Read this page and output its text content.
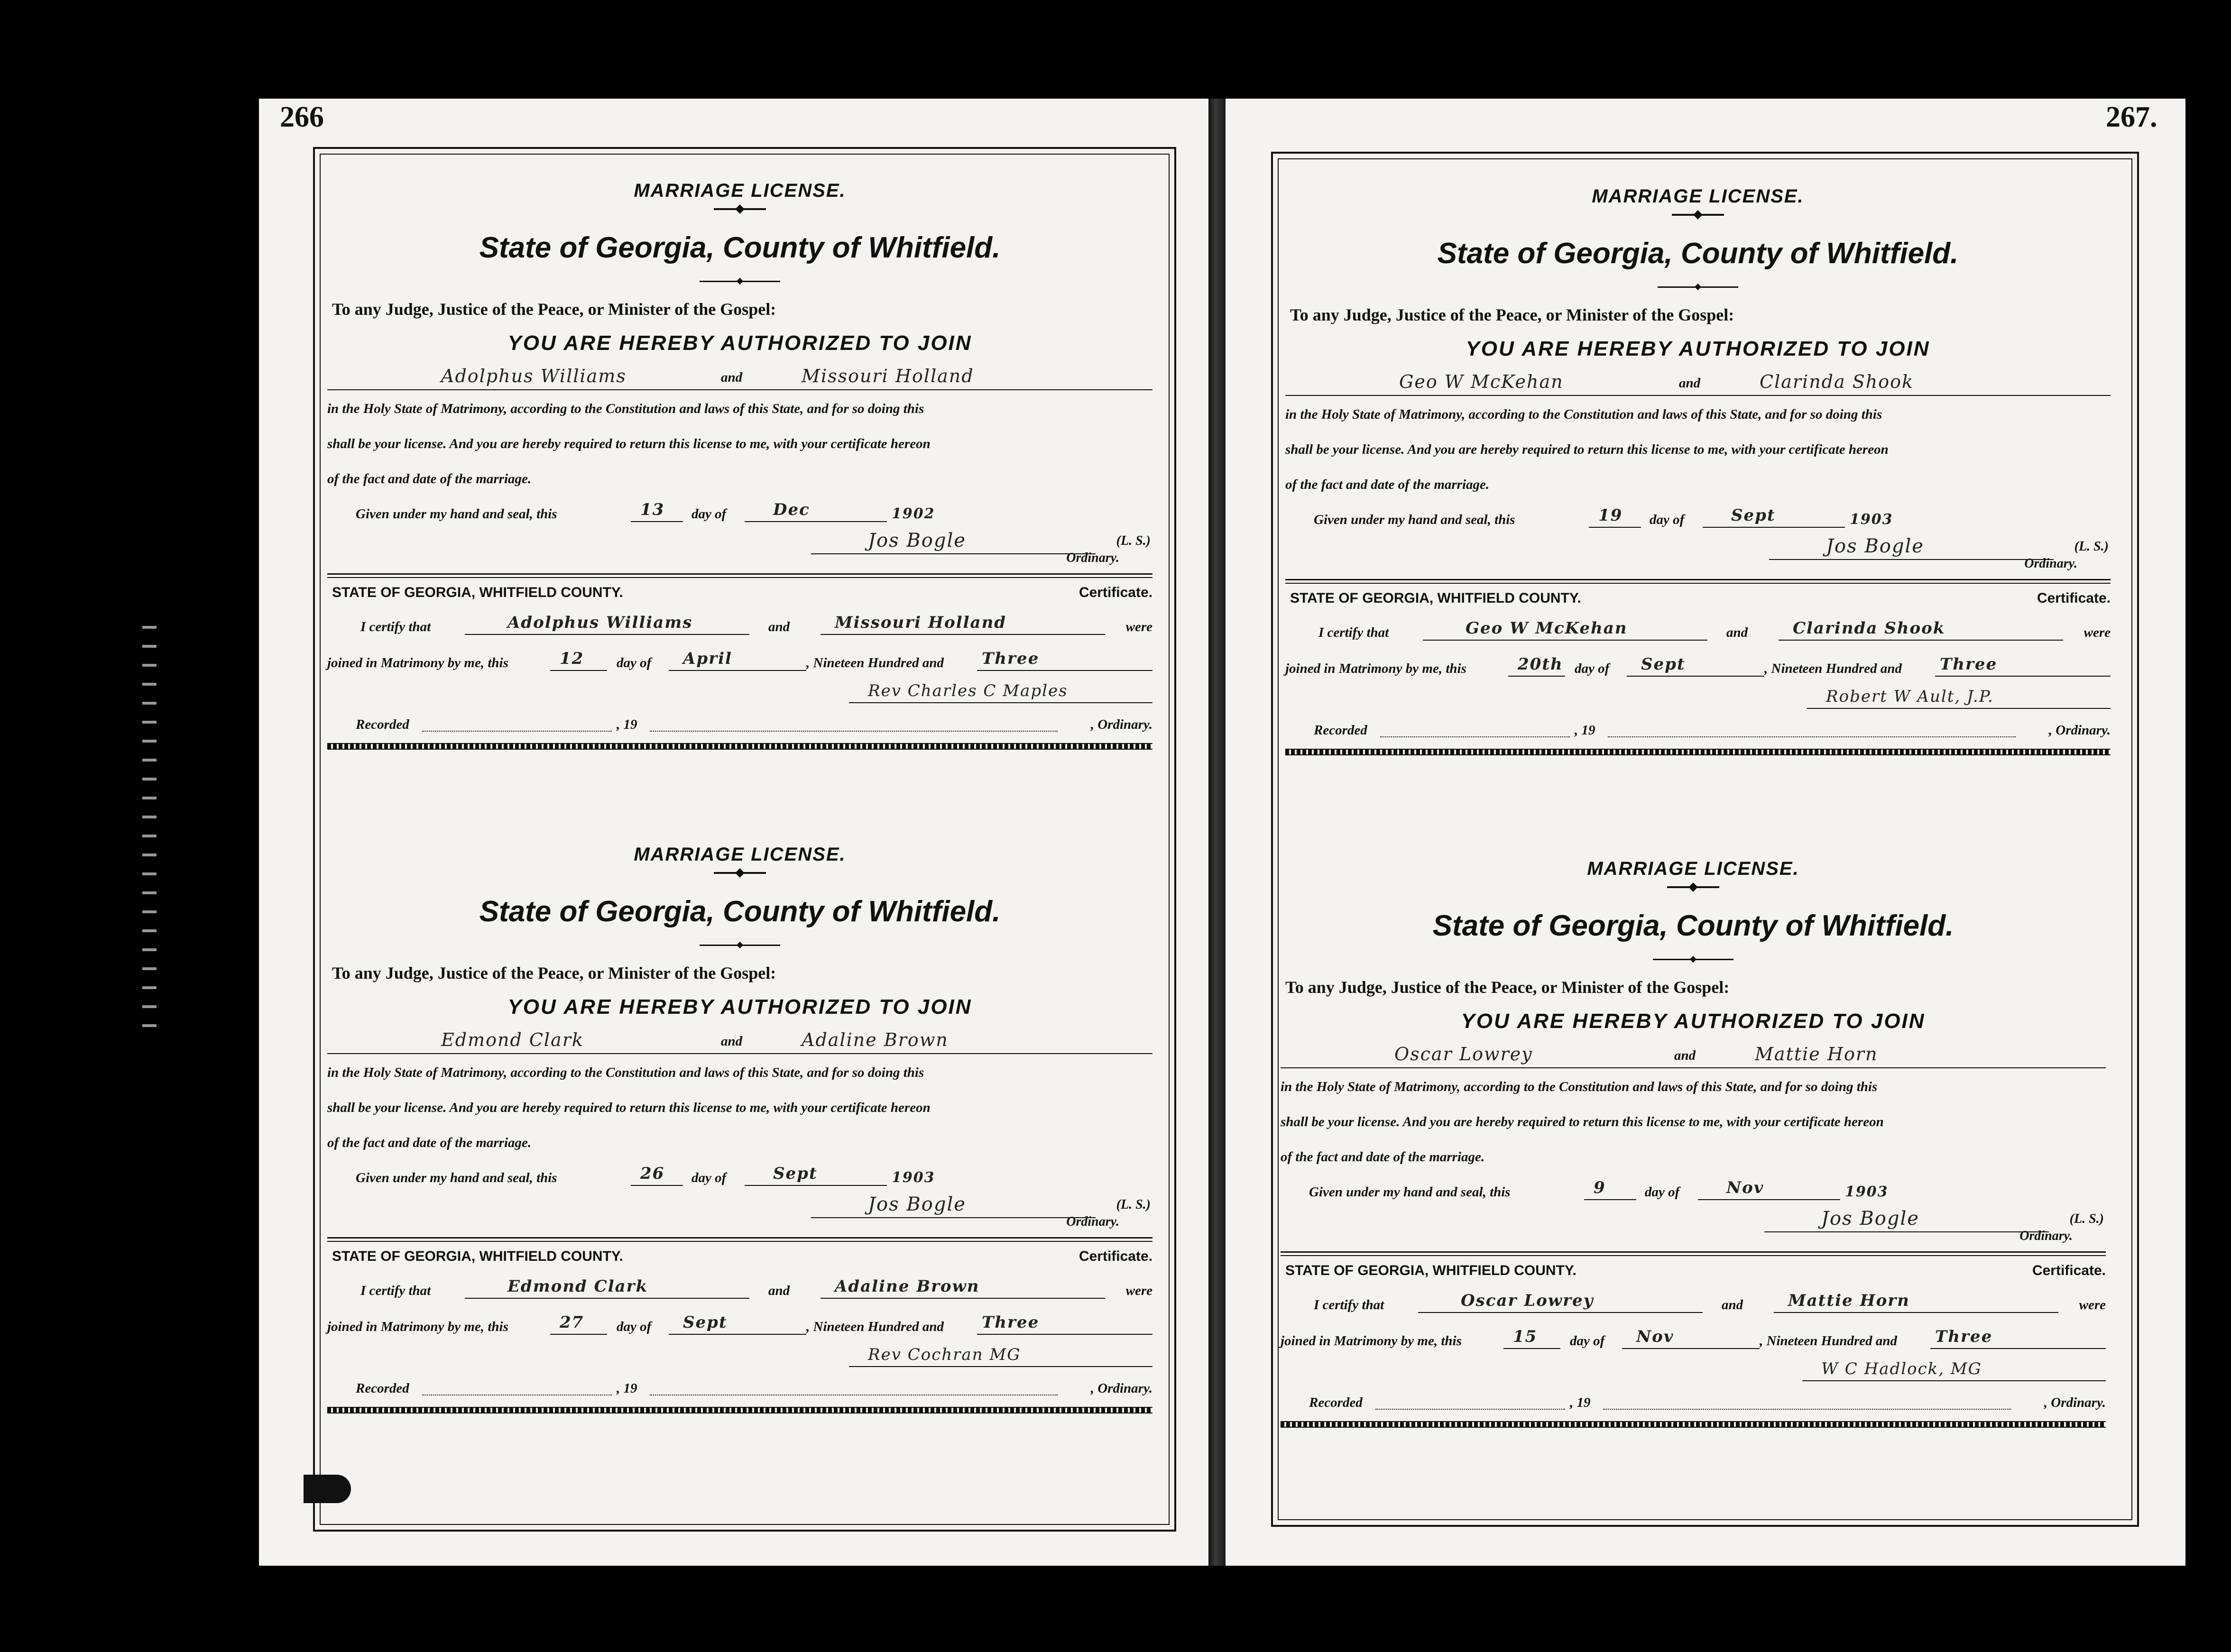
266	267.
MARRIAGE LICENSE.
State of Georgia, County of Whitfield.
To any Judge, Justice of the Peace, or Minister of the Gospel:
YOU ARE HEREBY AUTHORIZED TO JOIN
Adolphus Williams	and	Missouri Holland
in the Holy State of Matrimony, according to the Constitution and laws of this State, and for so doing this
shall be your license. And you are hereby required to return this license to me, with your certificate hereon
of the fact and date of the marriage.
Given under my hand and seal, this	13 day of	Dec	1902
Jos Bogle	(L. S.)
Ordinary.
STATE OF GEORGIA, WHITFIELD COUNTY.	Certificate.
I certify that	Adolphus Williams	and	Missouri Holland	were
joined in Matrimony by me, this	12 day of April	, Nineteen Hundred and Three
Rev Charles C Maples
Recorded	, 19	, Ordinary.
MARRIAGE LICENSE.
State of Georgia, County of Whitfield.
To any Judge, Justice of the Peace, or Minister of the Gospel:
YOU ARE HEREBY AUTHORIZED TO JOIN
Edmond Clark	and	Adaline Brown
in the Holy State of Matrimony, according to the Constitution and laws of this State, and for so doing this
shall be your license. And you are hereby required to return this license to me, with your certificate hereon
of the fact and date of the marriage.
Given under my hand and seal, this	26 day of	Sept	1903
Jos Bogle	(L. S.)
Ordinary.
STATE OF GEORGIA, WHITFIELD COUNTY.	Certificate.
I certify that	Edmond Clark	and	Adaline Brown	were
joined in Matrimony by me, this	27 day of Sept	, Nineteen Hundred and Three
Rev Cochran MG
Recorded	, 19	, Ordinary.
MARRIAGE LICENSE.
State of Georgia, County of Whitfield.
To any Judge, Justice of the Peace, or Minister of the Gospel:
YOU ARE HEREBY AUTHORIZED TO JOIN
Geo W McKehan	and	Clarinda Shook
in the Holy State of Matrimony, according to the Constitution and laws of this State, and for so doing this
shall be your license. And you are hereby required to return this license to me, with your certificate hereon
of the fact and date of the marriage.
Given under my hand and seal, this	19 day of	Sept	1903
Jos Bogle	(L. S.)
Ordinary.
STATE OF GEORGIA, WHITFIELD COUNTY.	Certificate.
I certify that	Geo W McKehan	and	Clarinda Shook	were
joined in Matrimony by me, this	20th day of Sept	, Nineteen Hundred and Three
Robert W Ault, J.P.
Recorded	, 19	, Ordinary.
MARRIAGE LICENSE.
State of Georgia, County of Whitfield.
To any Judge, Justice of the Peace, or Minister of the Gospel:
YOU ARE HEREBY AUTHORIZED TO JOIN
Oscar Lowrey	and	Mattie Horn
in the Holy State of Matrimony, according to the Constitution and laws of this State, and for so doing this
shall be your license. And you are hereby required to return this license to me, with your certificate hereon
of the fact and date of the marriage.
Given under my hand and seal, this	9	day of	Nov	1903
Jos Bogle	(L. S.)
Ordinary.
STATE OF GEORGIA, WHITFIELD COUNTY.	Certificate.
I certify that	Oscar Lowrey	and	Mattie Horn	were
joined in Matrimony by me, this	15 day of Nov	, Nineteen Hundred and Three
W C Hadlock, MG
Recorded	, 19	, Ordinary.
